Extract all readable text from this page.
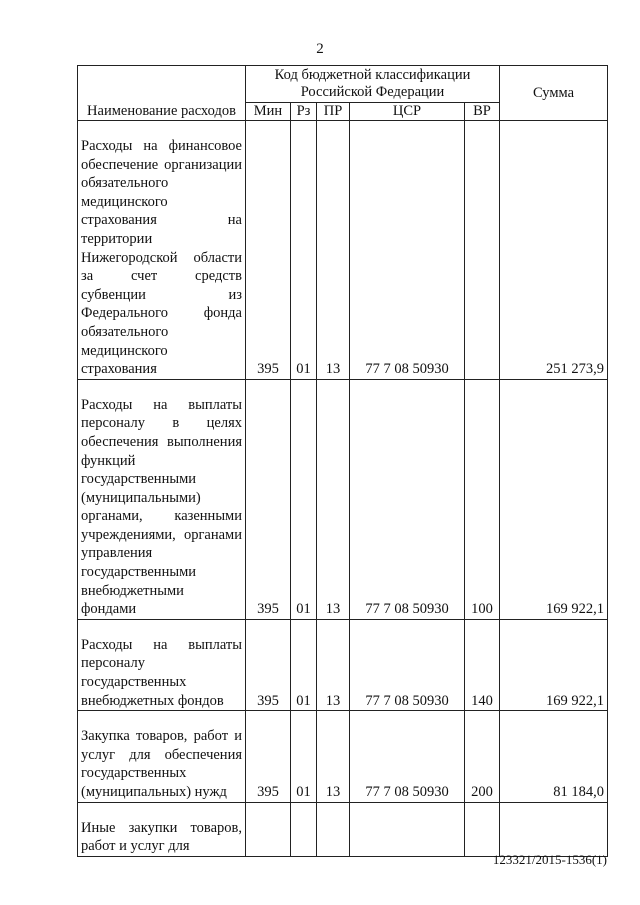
2
Наименование расходов	Код бюджетной классификации Российской Федерации					Сумма
	Мин	Рз	ПР	ЦСР	ВР	

Расходы на финансовое обеспечение организации обязательного медицинского страхования на территории Нижегородской области за счет средств субвенции из Федерального фонда обязательного медицинского страхования	395	01	13	77 7 08 50930		251 273,9

Расходы на выплаты персоналу в целях обеспечения выполнения функций государственными (муниципальными) органами, казенными учреждениями, органами управления государственными внебюджетными фондами	395	01	13	77 7 08 50930	100	169 922,1

Расходы на выплаты персоналу государственных внебюджетных фондов	395	01	13	77 7 08 50930	140	169 922,1

Закупка товаров, работ и услуг для обеспечения государственных (муниципальных) нужд	395	01	13	77 7 08 50930	200	81 184,0

Иные закупки товаров, работ и услуг для						
123321/2015-1536(1)
